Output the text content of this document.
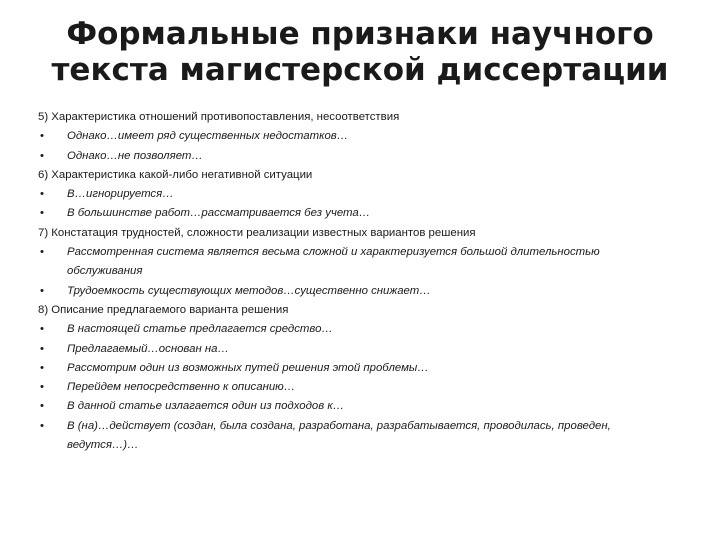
Формальные признаки научного
текста магистерской диссертации
5) Характеристика отношений противопоставления, несоответствия
• Однако…имеет ряд существенных недостатков…
• Однако…не позволяет…
6) Характеристика какой-либо негативной ситуации
• В…игнорируется…
• В большинстве работ…рассматривается без учета…
7) Констатация трудностей, сложности реализации известных вариантов решения
• Рассмотренная система является весьма сложной и характеризуется большой длительностью обслуживания
• Трудоемкость существующих методов…существенно снижает…
8) Описание предлагаемого варианта решения
• В настоящей статье предлагается средство…
• Предлагаемый…основан на…
• Рассмотрим один из возможных путей решения этой проблемы…
• Перейдем непосредственно к описанию…
• В данной статье излагается один из подходов к…
• В (на)…действует (создан, была создана, разработана, разрабатывается, проводилась, проведен, ведутся…)…
